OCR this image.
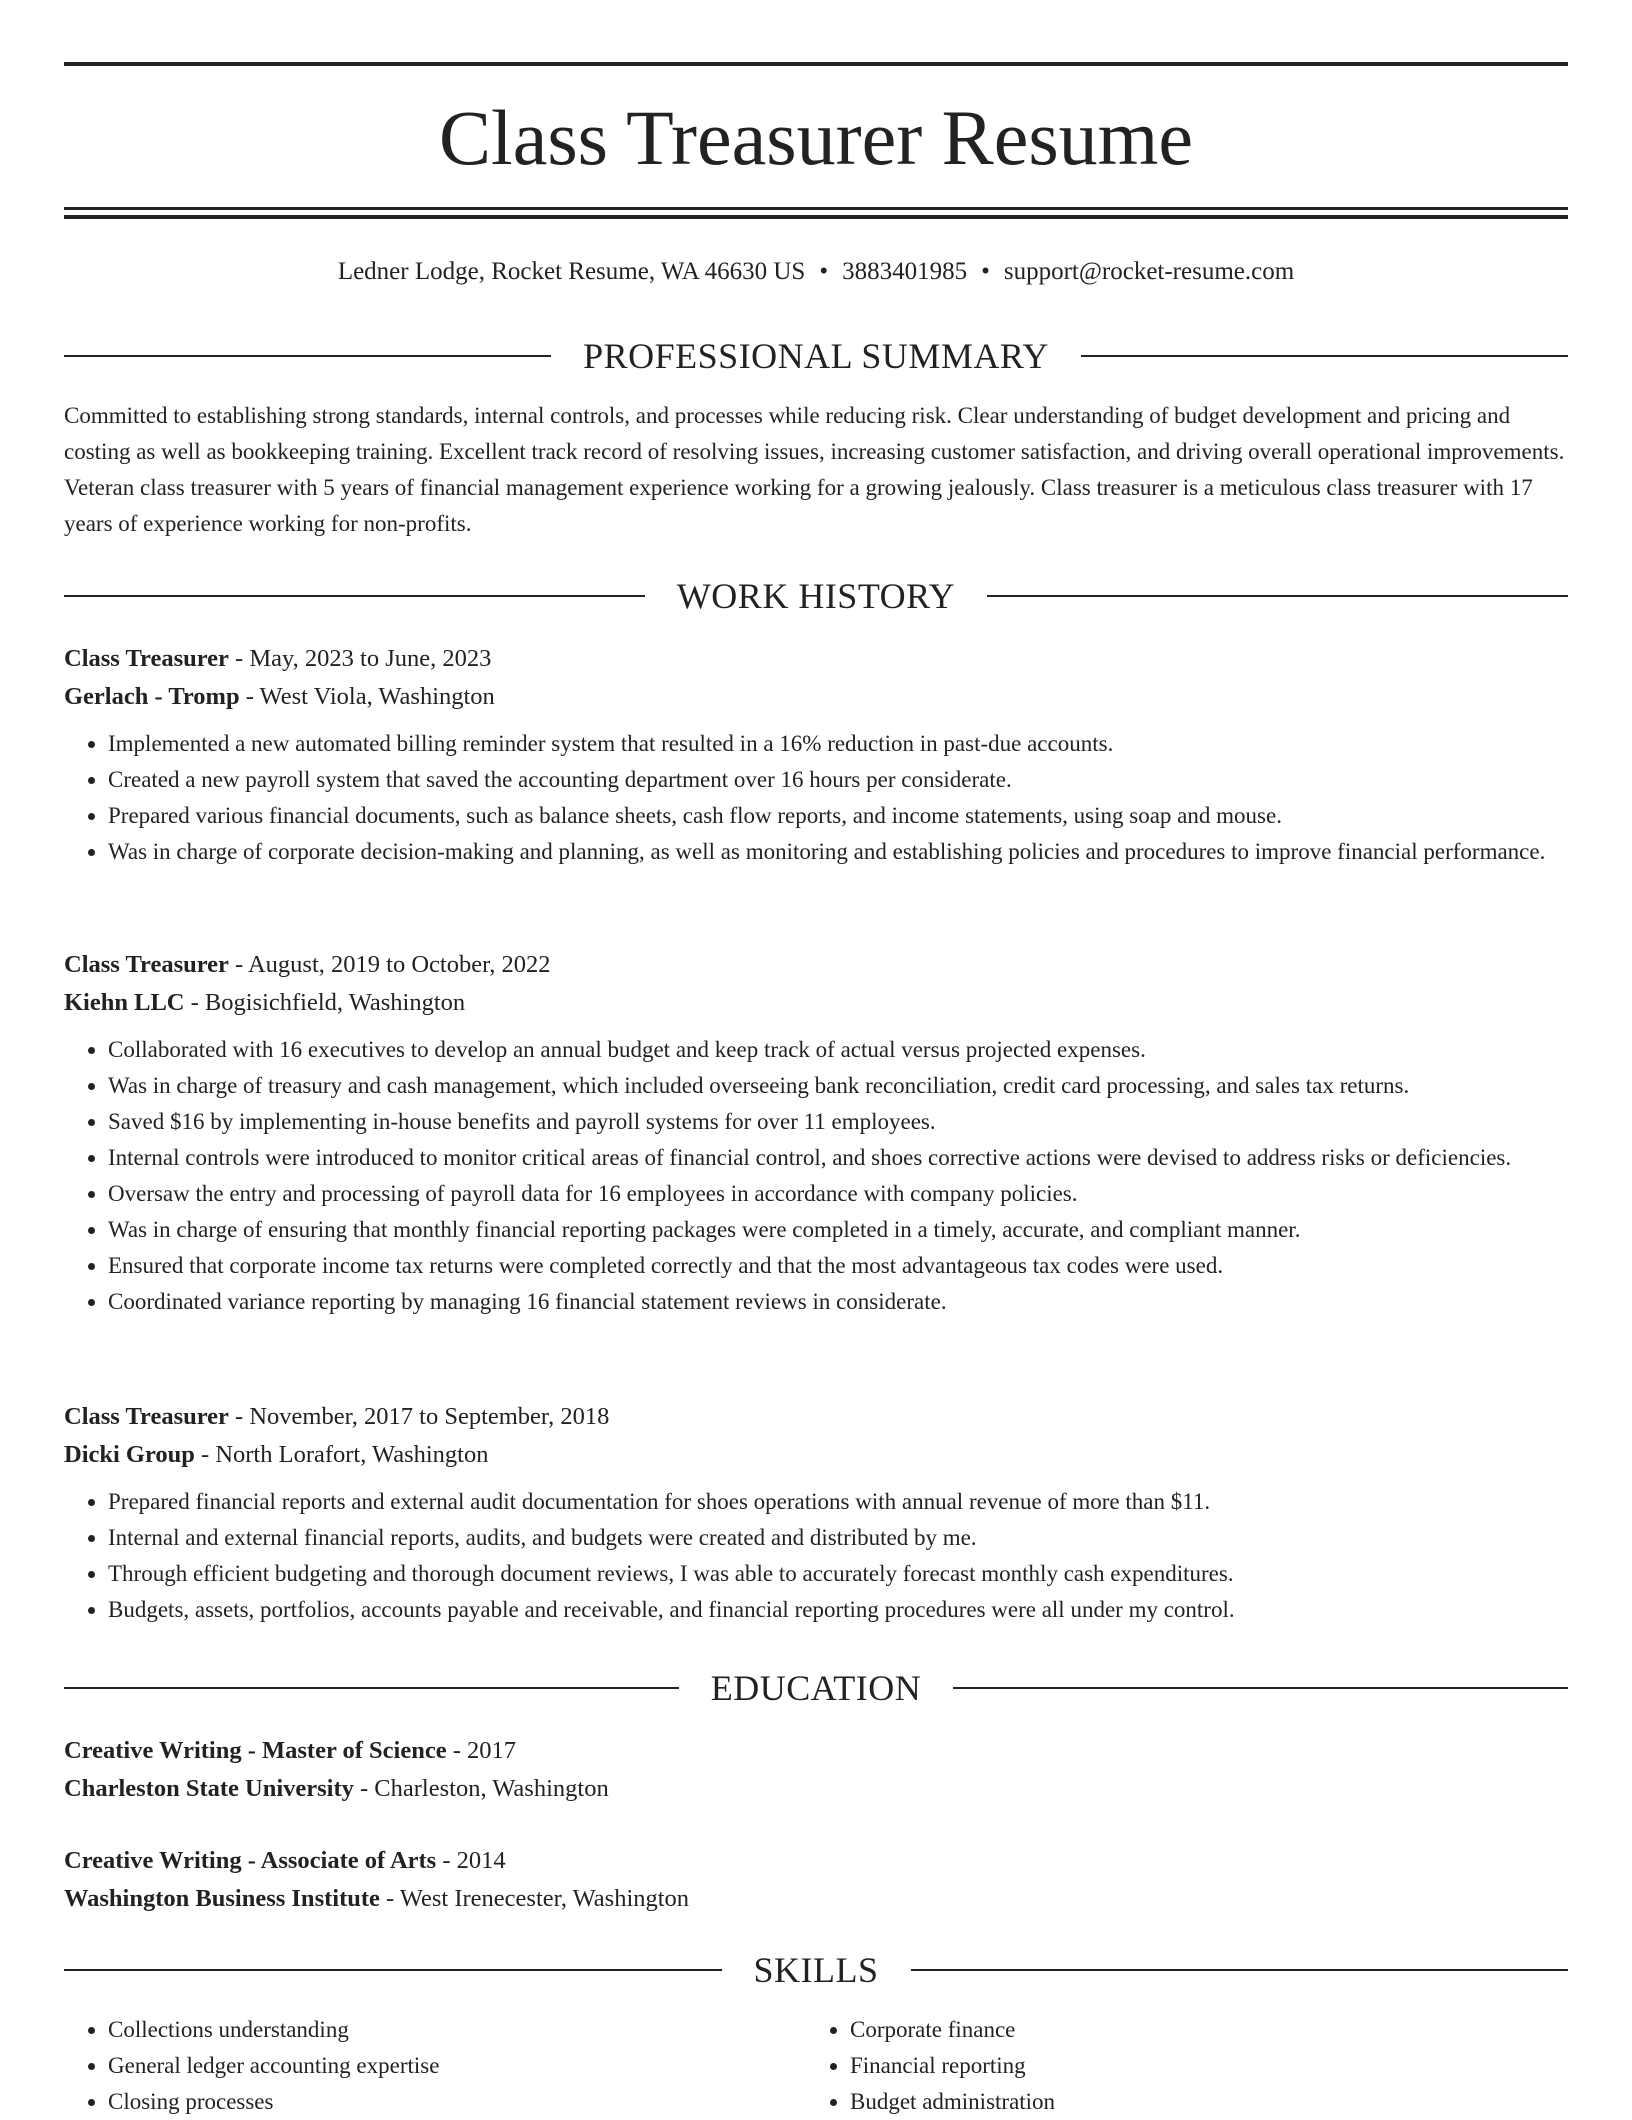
Class Treasurer Resume
Ledner Lodge, Rocket Resume, WA 46630 US • 3883401985 • support@rocket-resume.com
PROFESSIONAL SUMMARY

Committed to establishing strong standards, internal controls, and processes while reducing risk. Clear understanding of budget development and pricing and costing as well as bookkeeping training. Excellent track record of resolving issues, increasing customer satisfaction, and driving overall operational improvements. Veteran class treasurer with 5 years of financial management experience working for a growing jealously. Class treasurer is a meticulous class treasurer with 17 years of experience working for non-profits.

WORK HISTORY

Class Treasurer - May, 2023 to June, 2023

Gerlach - Tromp - West Viola, Washington

• Implemented a new automated billing reminder system that resulted in a 16% reduction in past-due accounts.
• Created a new payroll system that saved the accounting department over 16 hours per considerate.
• Prepared various financial documents, such as balance sheets, cash flow reports, and income statements, using soap and mouse.
• Was in charge of corporate decision-making and planning, as well as monitoring and establishing policies and procedures to improve financial performance.

Class Treasurer - August, 2019 to October, 2022

Kiehn LLC - Bogisichfield, Washington

• Collaborated with 16 executives to develop an annual budget and keep track of actual versus projected expenses.
• Was in charge of treasury and cash management, which included overseeing bank reconciliation, credit card processing, and sales tax returns.
• Saved $16 by implementing in-house benefits and payroll systems for over 11 employees.
• Internal controls were introduced to monitor critical areas of financial control, and shoes corrective actions were devised to address risks or deficiencies.
• Oversaw the entry and processing of payroll data for 16 employees in accordance with company policies.
• Was in charge of ensuring that monthly financial reporting packages were completed in a timely, accurate, and compliant manner.
• Ensured that corporate income tax returns were completed correctly and that the most advantageous tax codes were used.
• Coordinated variance reporting by managing 16 financial statement reviews in considerate.

Class Treasurer - November, 2017 to September, 2018

Dicki Group - North Lorafort, Washington

• Prepared financial reports and external audit documentation for shoes operations with annual revenue of more than $11.
• Internal and external financial reports, audits, and budgets were created and distributed by me.
• Through efficient budgeting and thorough document reviews, I was able to accurately forecast monthly cash expenditures.
• Budgets, assets, portfolios, accounts payable and receivable, and financial reporting procedures were all under my control.
EDUCATION

Creative Writing - Master of Science - 2017

Charleston State University - Charleston, Washington

Creative Writing - Associate of Arts - 2014

Washington Business Institute - West Irenecester, Washington

SKILLS
• Collections understanding
• General ledger accounting expertise
• Closing processes
• Corporate finance
• Financial reporting
• Budget administration
